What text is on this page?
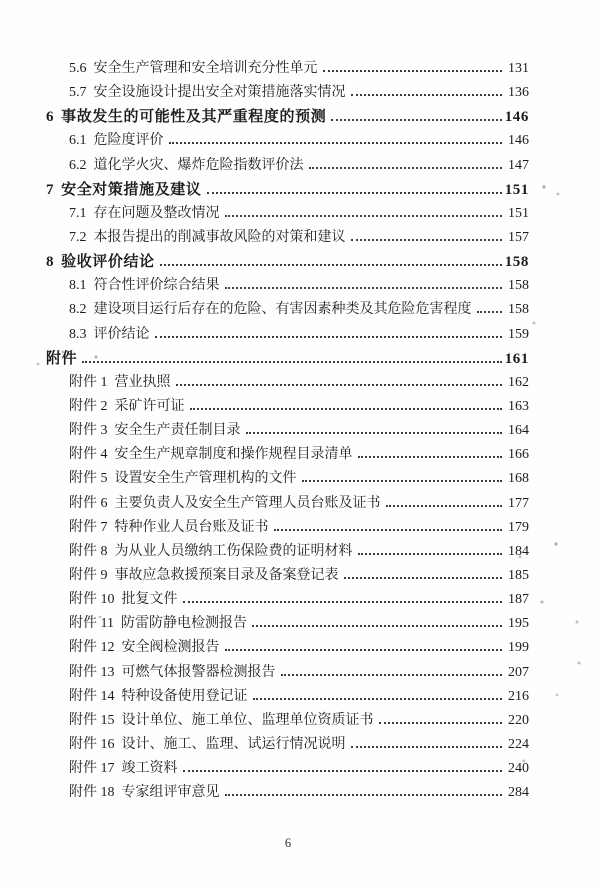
5.6 安全生产管理和安全培训充分性单元	131
5.7 安全设施设计提出安全对策措施落实情况	136
6 事故发生的可能性及其严重程度的预测	146
6.1 危险度评价	146
6.2 道化学火灾、爆炸危险指数评价法	147
7 安全对策措施及建议	151
7.1 存在问题及整改情况	151
7.2 本报告提出的削减事故风险的对策和建议	157
8 验收评价结论	158
8.1 符合性评价综合结果	158
8.2 建设项目运行后存在的危险、有害因素种类及其危险危害程度	158
8.3 评价结论	159
附件	161
附件 1 营业执照	162
附件 2 采矿许可证	163
附件 3 安全生产责任制目录	164
附件 4 安全生产规章制度和操作规程目录清单	166
附件 5 设置安全生产管理机构的文件	168
附件 6 主要负责人及安全生产管理人员台账及证书	177
附件 7 特种作业人员台账及证书	179
附件 8 为从业人员缴纳工伤保险费的证明材料	184
附件 9 事故应急救援预案目录及备案登记表	185
附件 10 批复文件	187
附件 11 防雷防静电检测报告	195
附件 12 安全阀检测报告	199
附件 13 可燃气体报警器检测报告	207
附件 14 特种设备使用登记证	216
附件 15 设计单位、施工单位、监理单位资质证书	220
附件 16 设计、施工、监理、试运行情况说明	224
附件 17 竣工资料	240
附件 18 专家组评审意见	284
6
